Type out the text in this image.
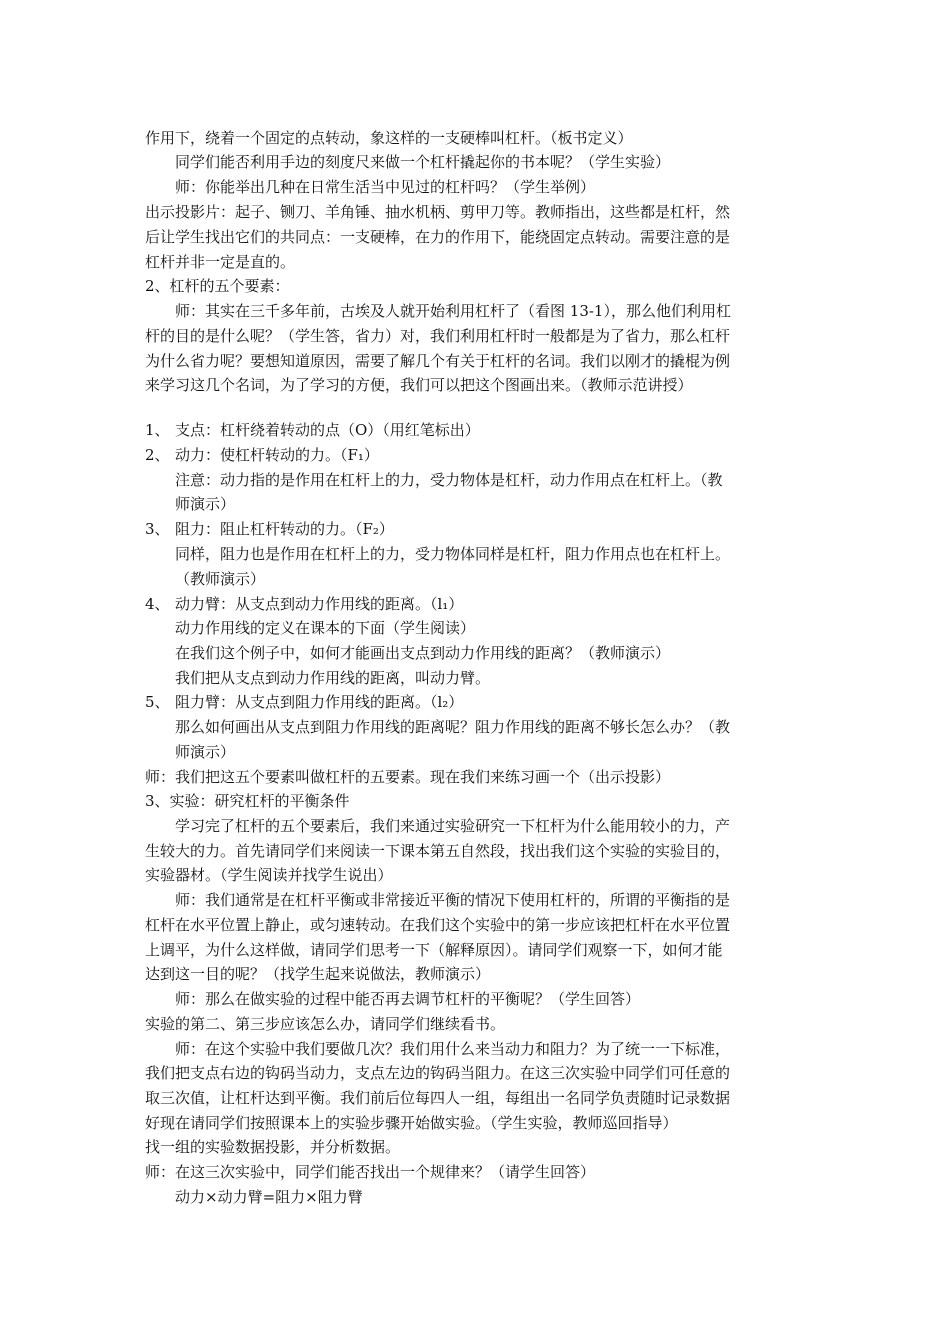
作用下，绕着一个固定的点转动，象这样的一支硬棒叫杠杆。（板书定义）
同学们能否利用手边的刻度尺来做一个杠杆撬起你的书本呢？（学生实验）
师：你能举出几种在日常生活当中见过的杠杆吗？（学生举例）
出示投影片：起子、铡刀、羊角锤、抽水机柄、剪甲刀等。教师指出，这些都是杠杆，然
后让学生找出它们的共同点：一支硬棒，在力的作用下，能绕固定点转动。需要注意的是
杠杆并非一定是直的。
2、杠杆的五个要素：
师：其实在三千多年前，古埃及人就开始利用杠杆了（看图 13-1），那么他们利用杠
杆的目的是什么呢？（学生答，省力）对，我们利用杠杆时一般都是为了省力，那么杠杆
为什么省力呢？要想知道原因，需要了解几个有关于杠杆的名词。我们以刚才的撬棍为例
来学习这几个名词，为了学习的方便，我们可以把这个图画出来。（教师示范讲授）
1、 支点：杠杆绕着转动的点（O）（用红笔标出）
2、 动力：使杠杆转动的力。（F₁）
注意：动力指的是作用在杠杆上的力，受力物体是杠杆，动力作用点在杠杆上。（教
师演示）
3、 阻力：阻止杠杆转动的力。（F₂）
同样，阻力也是作用在杠杆上的力，受力物体同样是杠杆，阻力作用点也在杠杆上。
（教师演示）
4、 动力臂：从支点到动力作用线的距离。（l₁）
动力作用线的定义在课本的下面（学生阅读）
在我们这个例子中，如何才能画出支点到动力作用线的距离？（教师演示）
我们把从支点到动力作用线的距离，叫动力臂。
5、 阻力臂：从支点到阻力作用线的距离。（l₂）
那么如何画出从支点到阻力作用线的距离呢？阻力作用线的距离不够长怎么办？（教
师演示）
师：我们把这五个要素叫做杠杆的五要素。现在我们来练习画一个（出示投影）
3、实验：研究杠杆的平衡条件
学习完了杠杆的五个要素后，我们来通过实验研究一下杠杆为什么能用较小的力，产
生较大的力。首先请同学们来阅读一下课本第五自然段，找出我们这个实验的实验目的，
实验器材。（学生阅读并找学生说出）
师：我们通常是在杠杆平衡或非常接近平衡的情况下使用杠杆的，所谓的平衡指的是
杠杆在水平位置上静止，或匀速转动。在我们这个实验中的第一步应该把杠杆在水平位置
上调平，为什么这样做，请同学们思考一下（解释原因）。请同学们观察一下，如何才能
达到这一目的呢？（找学生起来说做法，教师演示）
师：那么在做实验的过程中能否再去调节杠杆的平衡呢？（学生回答）
实验的第二、第三步应该怎么办，请同学们继续看书。
师：在这个实验中我们要做几次？我们用什么来当动力和阻力？为了统一一下标准，
我们把支点右边的钩码当动力，支点左边的钩码当阻力。在这三次实验中同学们可任意的
取三次值，让杠杆达到平衡。我们前后位每四人一组，每组出一名同学负责随时记录数据
好现在请同学们按照课本上的实验步骤开始做实验。（学生实验，教师巡回指导）
找一组的实验数据投影，并分析数据。
师：在这三次实验中，同学们能否找出一个规律来？（请学生回答）
动力×动力臂=阻力×阻力臂
